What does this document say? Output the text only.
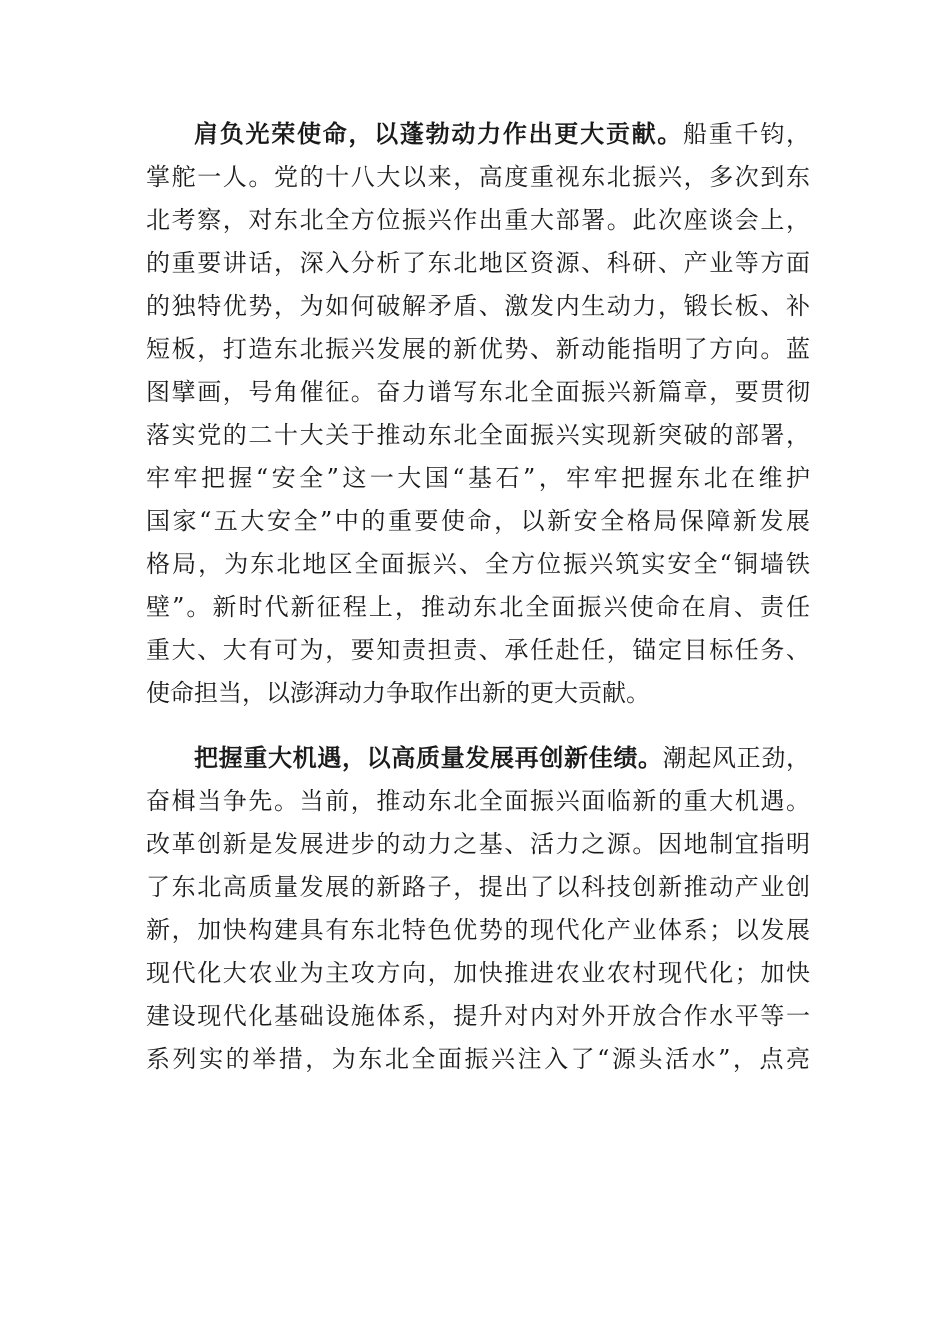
肩负光荣使命，以蓬勃动力作出更大贡献。船重千钧，
掌舵一人。党的十八大以来，高度重视东北振兴，多次到东
北考察，对东北全方位振兴作出重大部署。此次座谈会上，
的重要讲话，深入分析了东北地区资源、科研、产业等方面
的独特优势，为如何破解矛盾、激发内生动力，锻长板、补
短板，打造东北振兴发展的新优势、新动能指明了方向。蓝
图擘画，号角催征。奋力谱写东北全面振兴新篇章，要贯彻
落实党的二十大关于推动东北全面振兴实现新突破的部署，
牢牢把握“安全”这一大国“基石”，牢牢把握东北在维护
国家“五大安全”中的重要使命，以新安全格局保障新发展
格局，为东北地区全面振兴、全方位振兴筑实安全“铜墙铁
壁”。新时代新征程上，推动东北全面振兴使命在肩、责任
重大、大有可为，要知责担责、承任赴任，锚定目标任务、
使命担当，以澎湃动力争取作出新的更大贡献。
把握重大机遇，以高质量发展再创新佳绩。潮起风正劲，
奋楫当争先。当前，推动东北全面振兴面临新的重大机遇。
改革创新是发展进步的动力之基、活力之源。因地制宜指明
了东北高质量发展的新路子，提出了以科技创新推动产业创
新，加快构建具有东北特色优势的现代化产业体系；以发展
现代化大农业为主攻方向，加快推进农业农村现代化；加快
建设现代化基础设施体系，提升对内对外开放合作水平等一
系列实的举措，为东北全面振兴注入了“源头活水”，点亮
